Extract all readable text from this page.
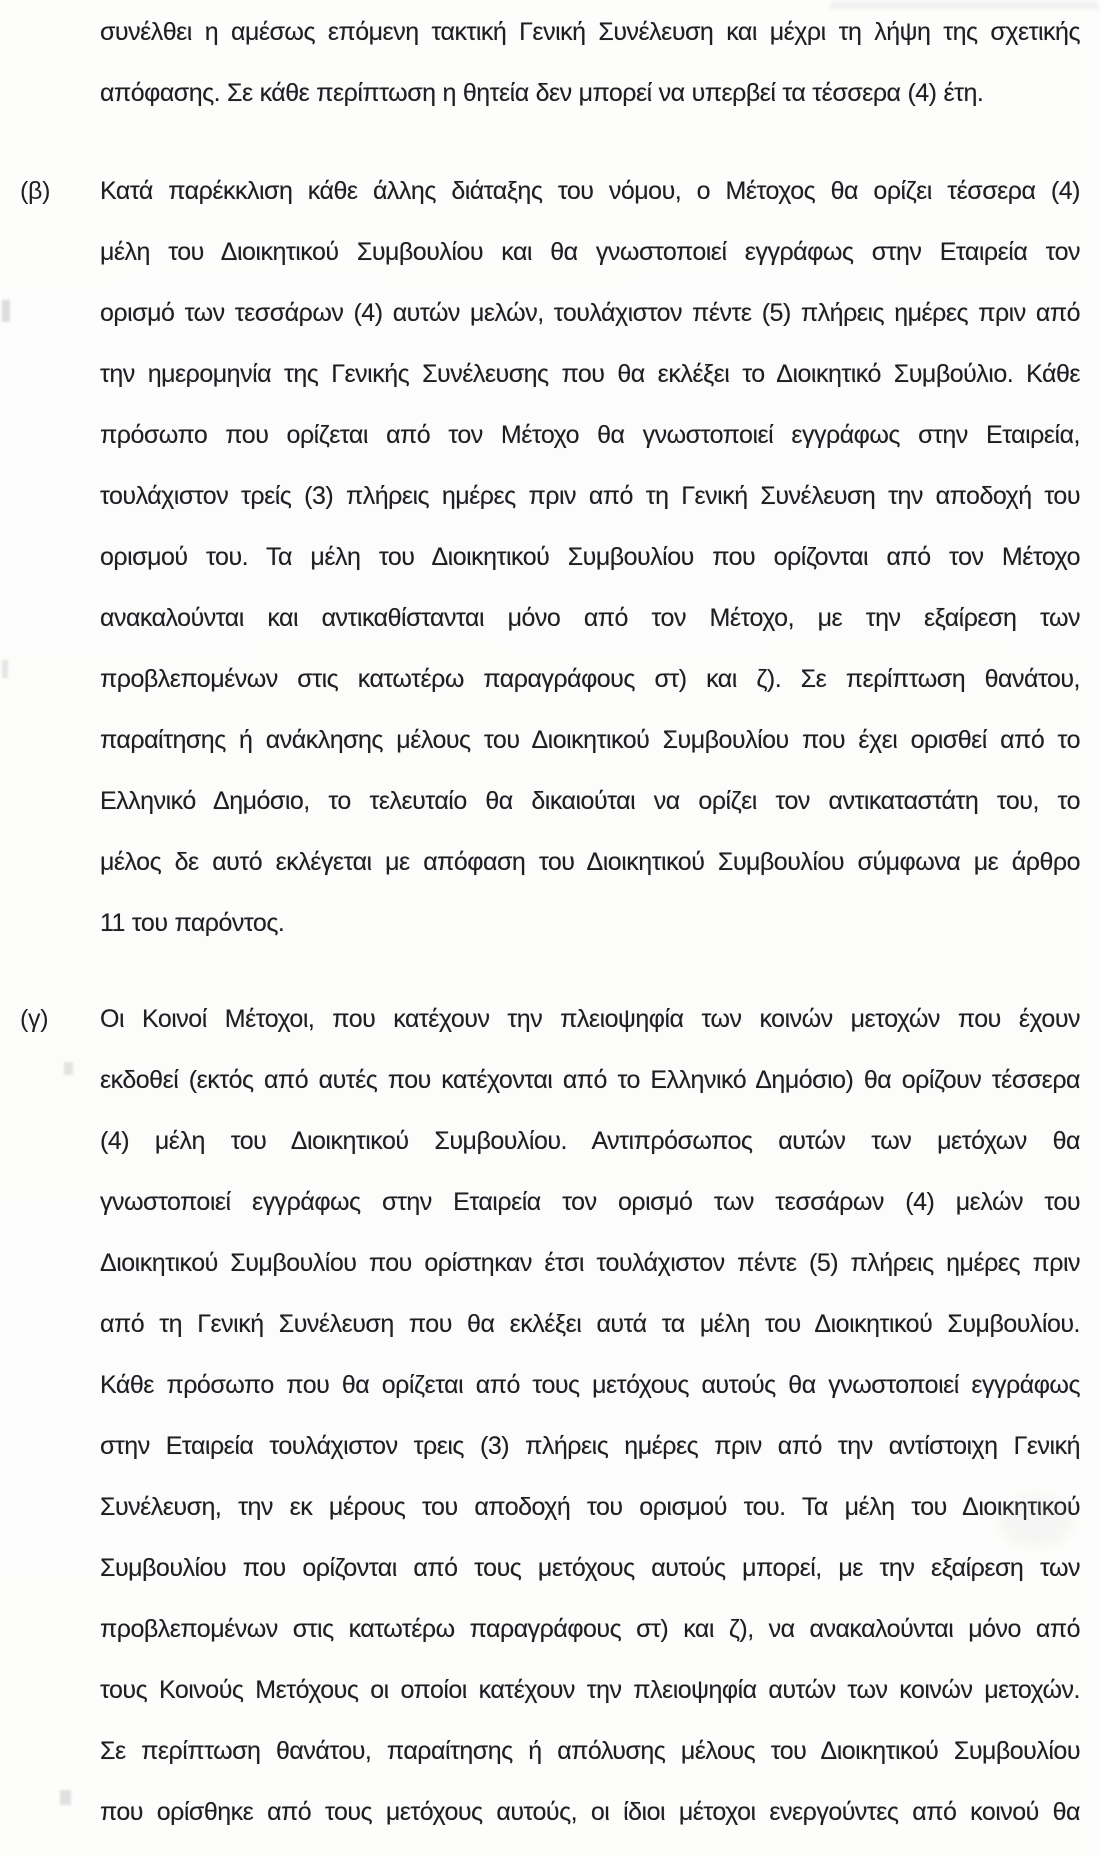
συνέλθει η αμέσως επόμενη τακτική Γενική Συνέλευση και μέχρι τη λήψη της σχετικής
απόφασης. Σε κάθε περίπτωση η θητεία δεν μπορεί να υπερβεί τα τέσσερα (4) έτη.
(β) Κατά παρέκκλιση κάθε άλλης διάταξης του νόμου, ο Μέτοχος θα ορίζει τέσσερα (4)
μέλη του Διοικητικού Συμβουλίου και θα γνωστοποιεί εγγράφως στην Εταιρεία τον
ορισμό των τεσσάρων (4) αυτών μελών, τουλάχιστον πέντε (5) πλήρεις ημέρες πριν από
την ημερομηνία της Γενικής Συνέλευσης που θα εκλέξει το Διοικητικό Συμβούλιο. Κάθε
πρόσωπο που ορίζεται από τον Μέτοχο θα γνωστοποιεί εγγράφως στην Εταιρεία,
τουλάχιστον τρείς (3) πλήρεις ημέρες πριν από τη Γενική Συνέλευση την αποδοχή του
ορισμού του. Τα μέλη του Διοικητικού Συμβουλίου που ορίζονται από τον Μέτοχο
ανακαλούνται και αντικαθίστανται μόνο από τον Μέτοχο, με την εξαίρεση των
προβλεπομένων στις κατωτέρω παραγράφους στ) και ζ). Σε περίπτωση θανάτου,
παραίτησης ή ανάκλησης μέλους του Διοικητικού Συμβουλίου που έχει ορισθεί από το
Ελληνικό Δημόσιο, το τελευταίο θα δικαιούται να ορίζει τον αντικαταστάτη του, το
μέλος δε αυτό εκλέγεται με απόφαση του Διοικητικού Συμβουλίου σύμφωνα με άρθρο
11 του παρόντος.
(γ) Οι Κοινοί Μέτοχοι, που κατέχουν την πλειοψηφία των κοινών μετοχών που έχουν
εκδοθεί (εκτός από αυτές που κατέχονται από το Ελληνικό Δημόσιο) θα ορίζουν τέσσερα
(4) μέλη του Διοικητικού Συμβουλίου. Αντιπρόσωπος αυτών των μετόχων θα
γνωστοποιεί εγγράφως στην Εταιρεία τον ορισμό των τεσσάρων (4) μελών του
Διοικητικού Συμβουλίου που ορίστηκαν έτσι τουλάχιστον πέντε (5) πλήρεις ημέρες πριν
από τη Γενική Συνέλευση που θα εκλέξει αυτά τα μέλη του Διοικητικού Συμβουλίου.
Κάθε πρόσωπο που θα ορίζεται από τους μετόχους αυτούς θα γνωστοποιεί εγγράφως
στην Εταιρεία τουλάχιστον τρεις (3) πλήρεις ημέρες πριν από την αντίστοιχη Γενική
Συνέλευση, την εκ μέρους του αποδοχή του ορισμού του. Τα μέλη του Διοικητικού
Συμβουλίου που ορίζονται από τους μετόχους αυτούς μπορεί, με την εξαίρεση των
προβλεπομένων στις κατωτέρω παραγράφους στ) και ζ), να ανακαλούνται μόνο από
τους Κοινούς Μετόχους οι οποίοι κατέχουν την πλειοψηφία αυτών των κοινών μετοχών.
Σε περίπτωση θανάτου, παραίτησης ή απόλυσης μέλους του Διοικητικού Συμβουλίου
που ορίσθηκε από τους μετόχους αυτούς, οι ίδιοι μέτοχοι ενεργούντες από κοινού θα
